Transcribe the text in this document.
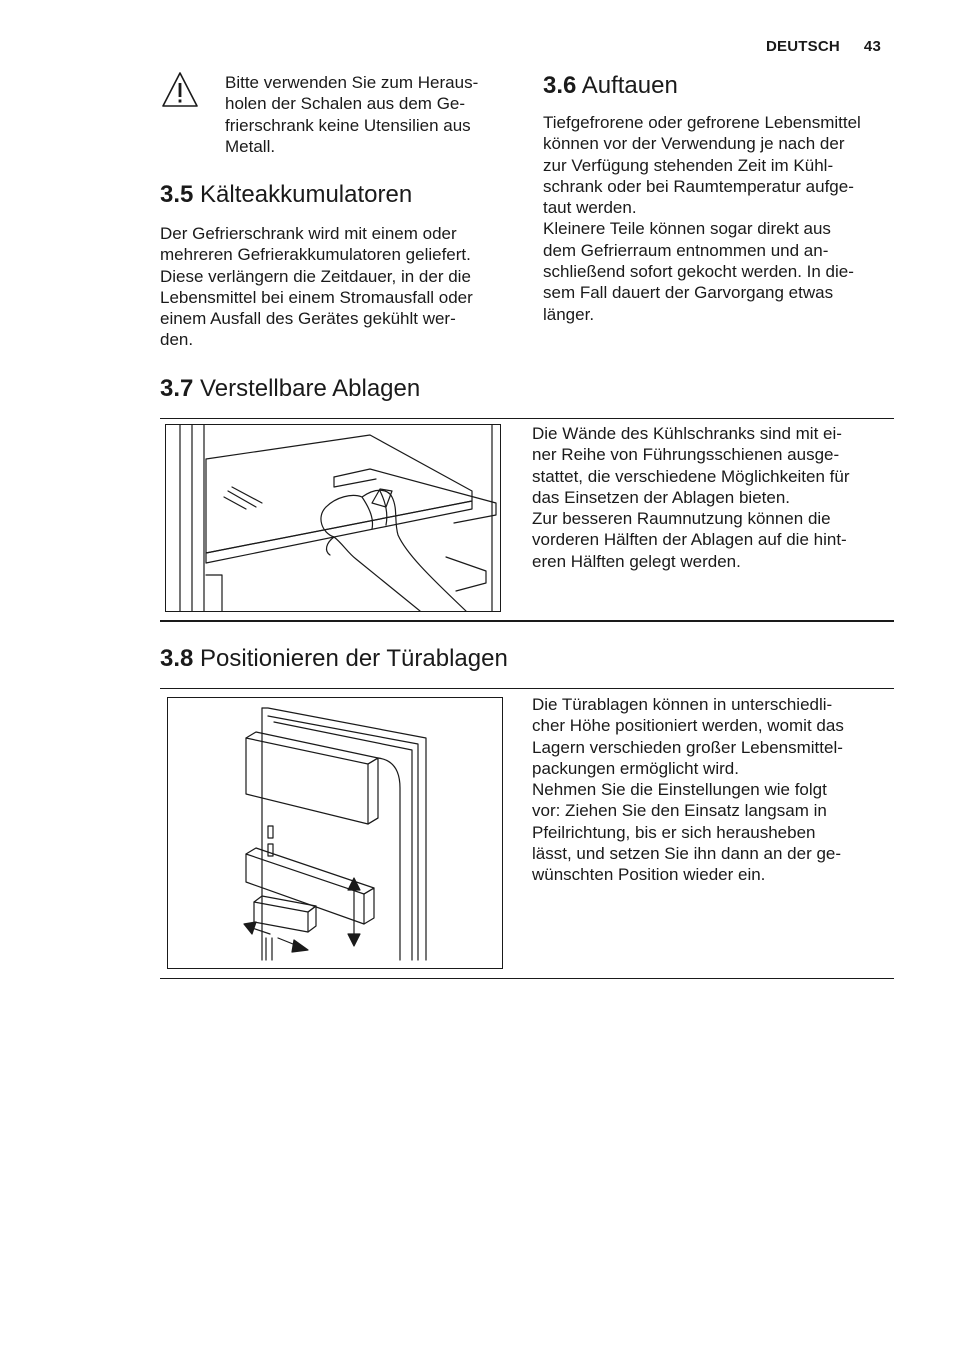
DEUTSCH 43
Bitte verwenden Sie zum Heraus-
holen der Schalen aus dem Ge-
frierschrank keine Utensilien aus
Metall.
3.5 Kälteakkumulatoren
Der Gefrierschrank wird mit einem oder
mehreren Gefrierakkumulatoren geliefert.
Diese verlängern die Zeitdauer, in der die
Lebensmittel bei einem Stromausfall oder
einem Ausfall des Gerätes gekühlt wer-
den.
3.6 Auftauen
Tiefgefrorene oder gefrorene Lebensmittel
können vor der Verwendung je nach der
zur Verfügung stehenden Zeit im Kühl-
schrank oder bei Raumtemperatur aufge-
taut werden.
Kleinere Teile können sogar direkt aus
dem Gefrierraum entnommen und an-
schließend sofort gekocht werden. In die-
sem Fall dauert der Garvorgang etwas
länger.
3.7 Verstellbare Ablagen
Die Wände des Kühlschranks sind mit ei-
ner Reihe von Führungsschienen ausge-
stattet, die verschiedene Möglichkeiten für
das Einsetzen der Ablagen bieten.
Zur besseren Raumnutzung können die
vorderen Hälften der Ablagen auf die hint-
eren Hälften gelegt werden.
3.8 Positionieren der Türablagen
Die Türablagen können in unterschiedli-
cher Höhe positioniert werden, womit das
Lagern verschieden großer Lebensmittel-
packungen ermöglicht wird.
Nehmen Sie die Einstellungen wie folgt
vor: Ziehen Sie den Einsatz langsam in
Pfeilrichtung, bis er sich herausheben
lässt, und setzen Sie ihn dann an der ge-
wünschten Position wieder ein.
